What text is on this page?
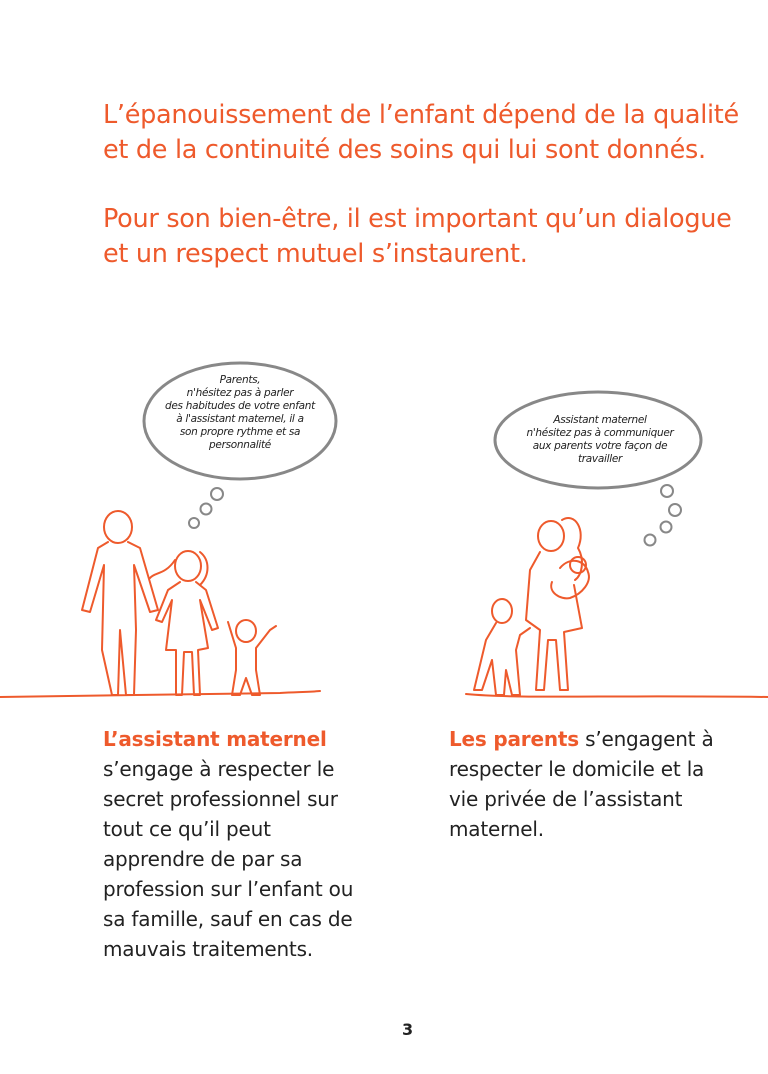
L’épanouissement de l’enfant dépend de la qualité et de la continuité des soins qui lui sont donnés.

Pour son bien-être, il est important qu’un dialogue et un respect mutuel s’instaurent.

Parents,
n'hésitez pas à parler
des habitudes de votre enfant
à l'assistant maternel, il a
son propre rythme et sa
personnalité
Assistant maternel
n'hésitez pas à communiquer
aux parents votre façon de
travailler
L’assistant maternel
s’engage à respecter le secret professionnel sur tout ce qu’il peut apprendre de par sa profession sur l’enfant ou sa famille, sauf en cas de mauvais traitements.
Les parents s’engagent à respecter le domicile et la vie privée de l’assistant maternel.
3
